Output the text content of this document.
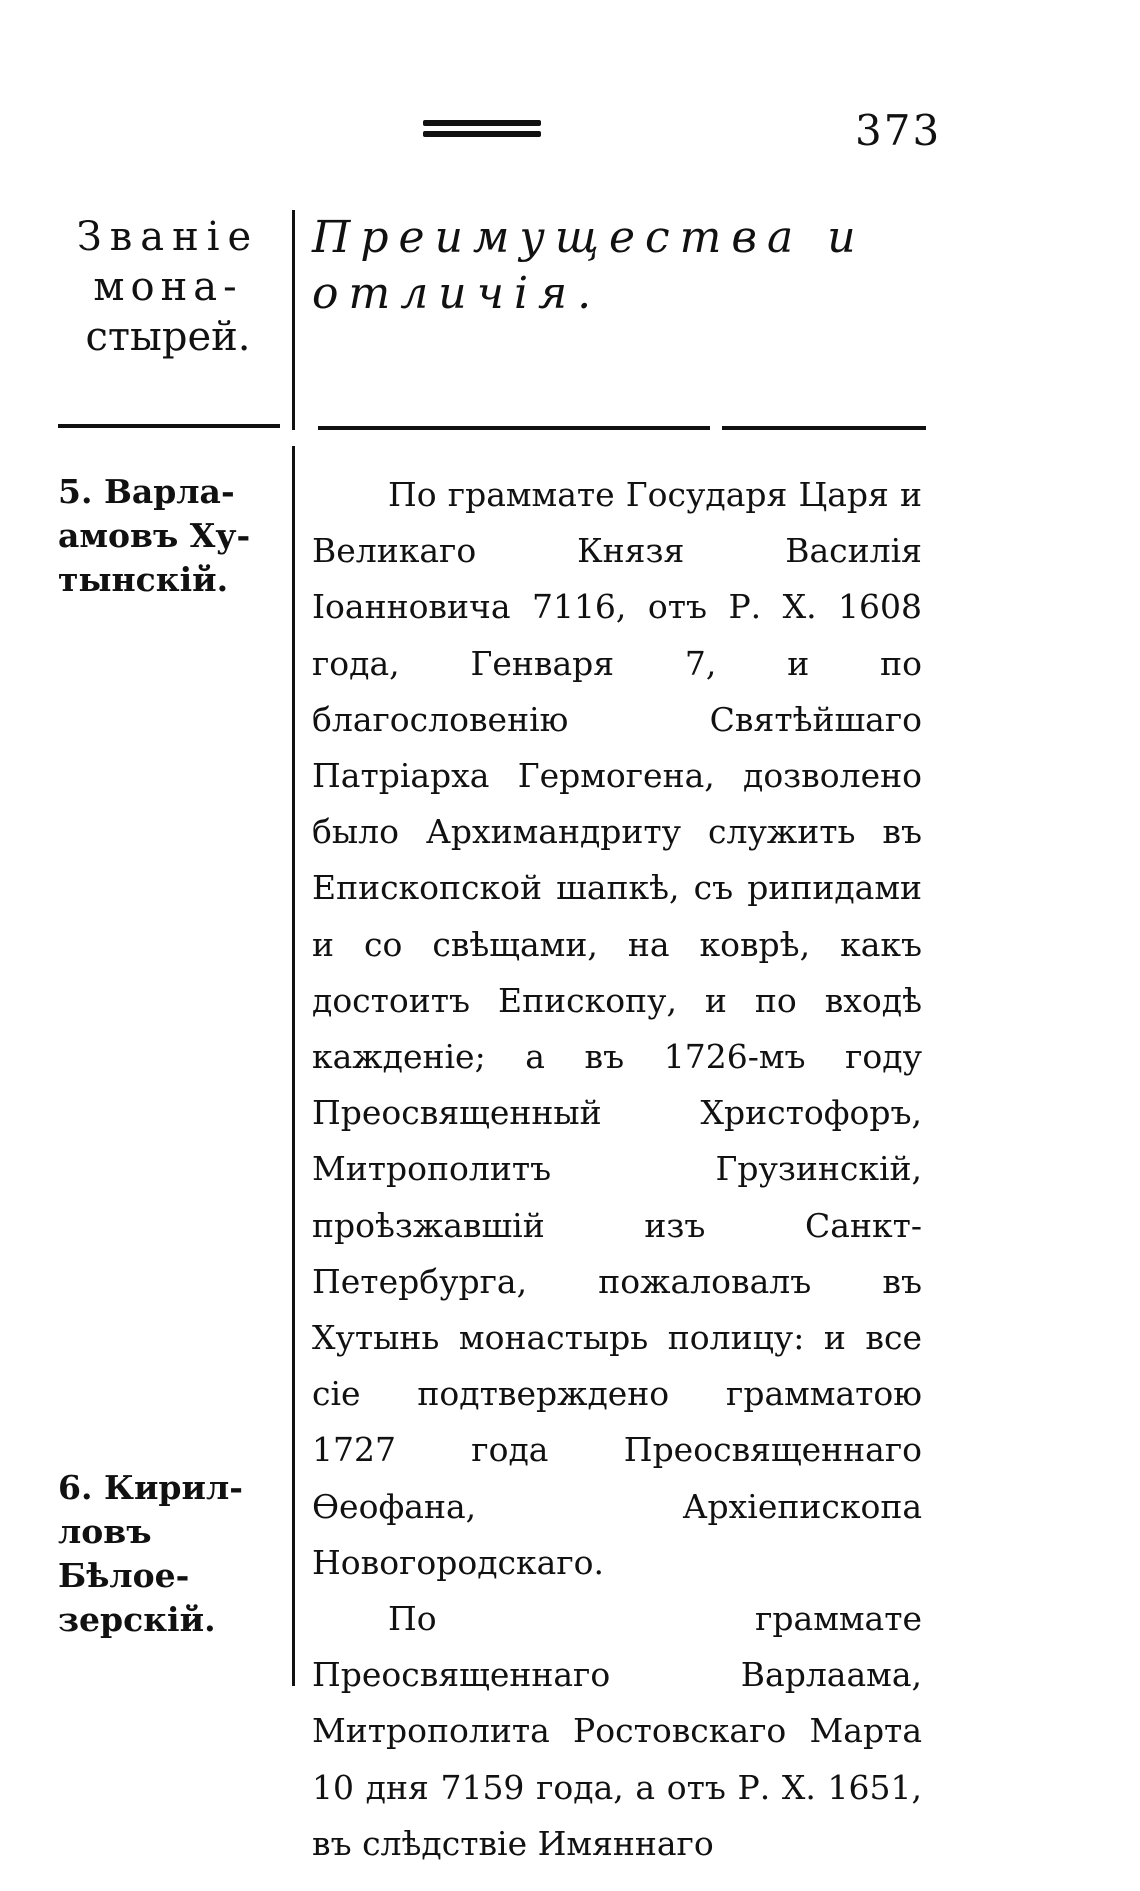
373
Званіе
мона-
стырей.
Преимущества и
отличія.
5. Варла-
амовъ Ху-
тынскій.
6. Кирил-
ловъ Бѣлое-
зерскій.

По граммате Государя Царя и Великаго Князя Василія Іоанновича 7116, отъ Р. Х. 1608 года, Генваря 7, и по благословенію Святѣйшаго Патріарха Гермогена, дозволено было Архимандриту служить въ Епископской шапкѣ, съ рипидами и со свѣщами, на коврѣ, какъ достоитъ Епископу, и по входѣ кажденіе; а въ 1726-мъ году Преосвященный Христофоръ, Митрополитъ Грузинскій, проѣзжавшій изъ Санкт-Петербурга, пожаловалъ въ Хутынь монастырь полицу: и все сіе подтверждено грамматою 1727 года Преосвященнаго Ѳеофана, Архіепископа Новогородскаго.

По граммате Преосвященнаго Варлаама, Митрополита Ростовскаго Марта 10 дня 7159 года, а отъ Р. Х. 1651, въ слѣдствіе Имяннаго
